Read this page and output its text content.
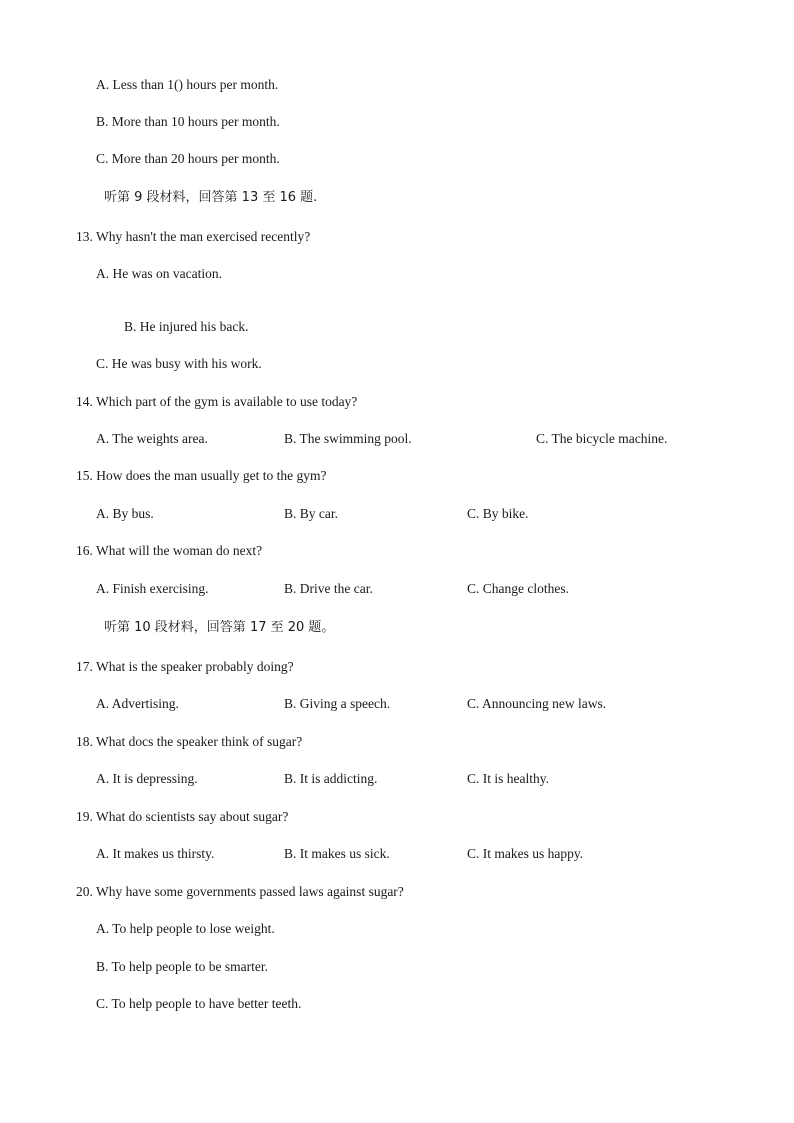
A. Less than 1() hours per month.
B. More than 10 hours per month.
C. More than 20 hours per month.
听第 9 段材料，回答第 13 至 16 题.
13. Why hasn't the man exercised recently?
A. He was on vacation.
B. He injured his back.
C. He was busy with his work.
14. Which part of the gym is available to use today?
A. The weights area.	B. The swimming pool.	C. The bicycle machine.
15. How does the man usually get to the gym?
A. By bus.	B. By car.	C. By bike.
16. What will the woman do next?
A. Finish exercising.	B. Drive the car.	C. Change clothes.
听第 10 段材料，回答第 17 至 20 题。
17. What is the speaker probably doing?
A. Advertising.	B. Giving a speech.	C. Announcing new laws.
18. What docs the speaker think of sugar?
A. It is depressing.	B. It is addicting.	C. It is healthy.
19. What do scientists say about sugar?
A. It makes us thirsty.	B. It makes us sick.	C. It makes us happy.
20. Why have some governments passed laws against sugar?
A. To help people to lose weight.
B. To help people to be smarter.
C. To help people to have better teeth.
